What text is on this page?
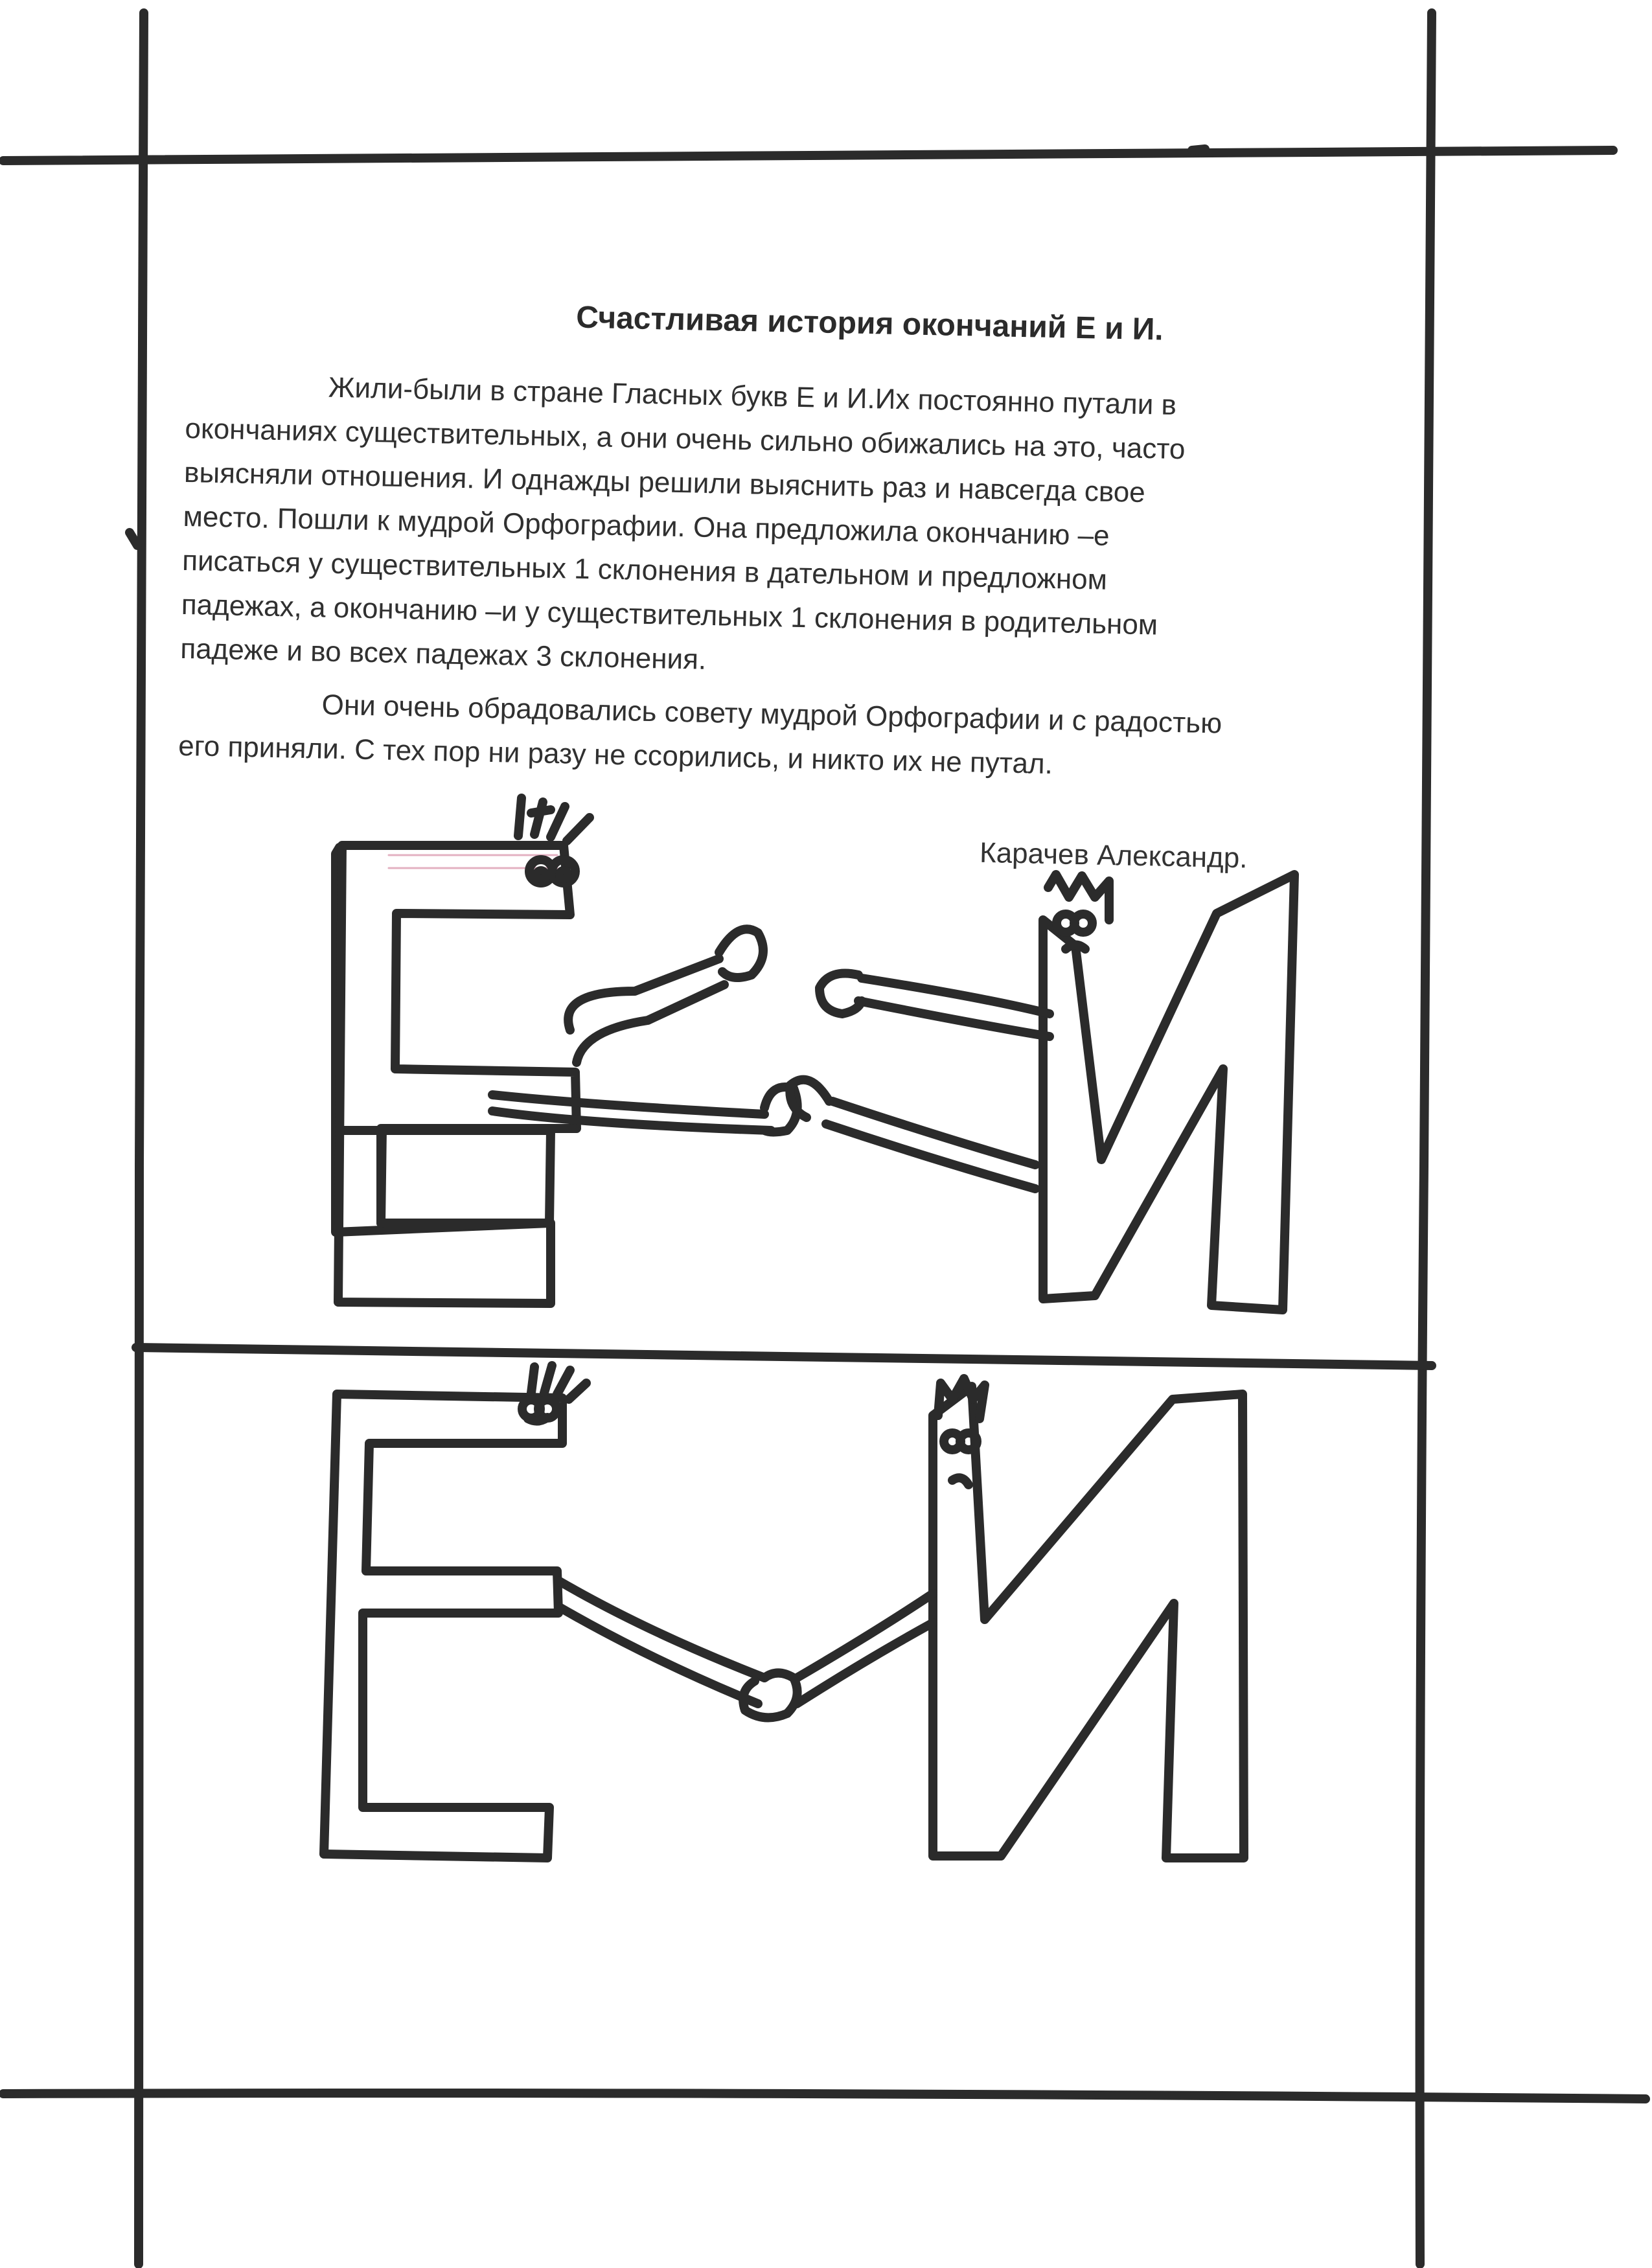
Счастливая история окончаний Е и И.
Жили-были в стране Гласных букв Е и И.Их постоянно путали в
окончаниях существительных, а они очень сильно обижались на это, часто
выясняли отношения. И однажды решили выяснить раз и навсегда свое
место. Пошли к мудрой Орфографии. Она предложила окончанию –е
писаться у существительных 1 склонения в дательном и предложном
падежах, а окончанию –и у существительных 1 склонения в родительном
падеже и во всех падежах 3 склонения.
Они очень обрадовались совету мудрой Орфографии и с радостью
его приняли. С тех пор ни разу не ссорились, и никто их не путал.
Карачев Александр.
